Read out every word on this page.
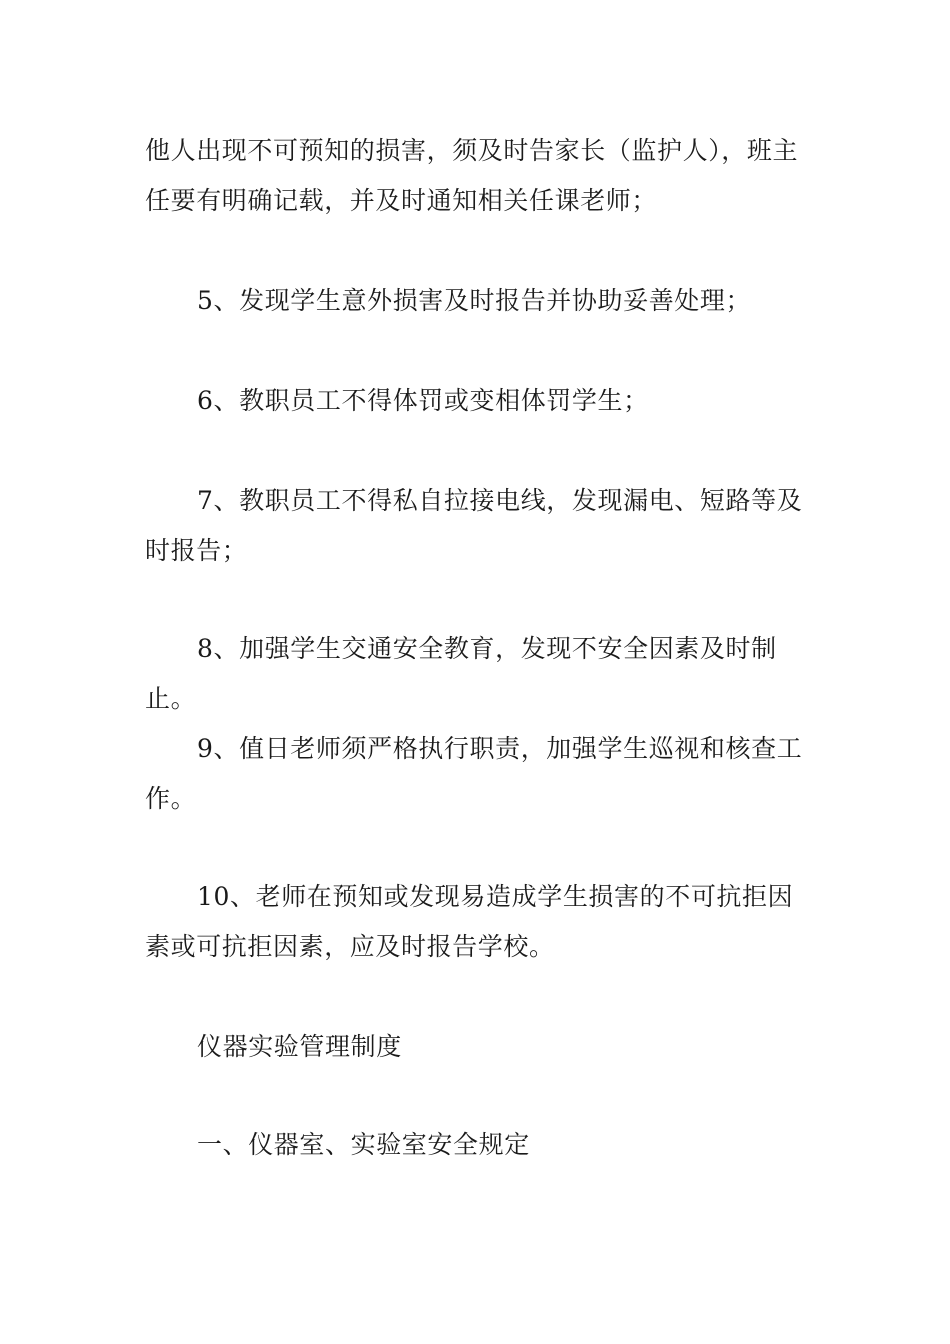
他人出现不可预知的损害，须及时告家长（监护人），班主任要有明确记载，并及时通知相关任课老师；

5、发现学生意外损害及时报告并协助妥善处理；

6、教职员工不得体罚或变相体罚学生；

7、教职员工不得私自拉接电线，发现漏电、短路等及时报告；

8、加强学生交通安全教育，发现不安全因素及时制止。

9、值日老师须严格执行职责，加强学生巡视和核查工作。

10、老师在预知或发现易造成学生损害的不可抗拒因素或可抗拒因素，应及时报告学校。

仪器实验管理制度

一、仪器室、实验室安全规定
